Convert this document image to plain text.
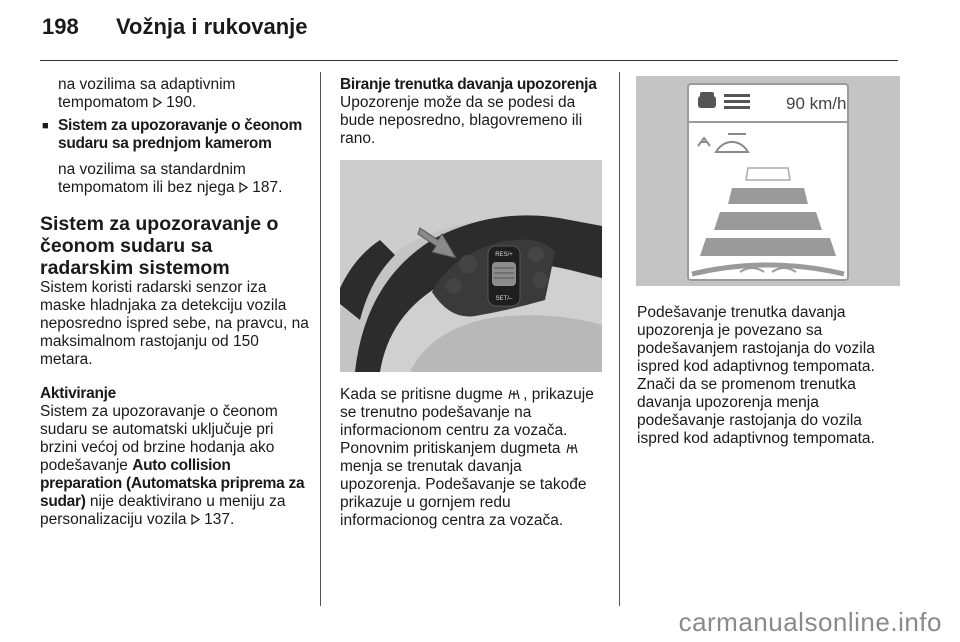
198 Vožnja i rukovanje

na vozilima sa adaptivnim tempomatom 190.

■ Sistem za upozoravanje o čeonom sudaru sa prednjom kamerom

na vozilima sa standardnim tempomatom ili bez njega 187.

Sistem za upozoravanje o čeonom sudaru sa radarskim sistemom

Sistem koristi radarski senzor iza maske hladnjaka za detekciju vozila neposredno ispred sebe, na pravcu, na maksimalnom rastojanju od 150 metara.

Aktiviranje

Sistem za upozoravanje o čeonom sudaru se automatski uključuje pri brzini većoj od brzine hodanja ako podešavanje Auto collision preparation (Automatska priprema za sudar) nije deaktivirano u meniju za personalizaciju vozila 137.

Biranje trenutka davanja upozorenja

Upozorenje može da se podesi da bude neposredno, blagovremeno ili rano.

RES/+
SET/–

Kada se pritisne dugme , prikazuje se trenutno podešavanje na informacionom centru za vozača. Ponovnim pritiskanjem dugmeta  menja se trenutak davanja upozorenja. Podešavanje se takođe prikazuje u gornjem redu informacionog centra za vozača.

90 km/h

Podešavanje trenutka davanja upozorenja je povezano sa podešavanjem rastojanja do vozila ispred kod adaptivnog tempomata. Znači da se promenom trenutka davanja upozorenja menja podešavanje rastojanja do vozila ispred kod adaptivnog tempomata.

carmanualsonline.info
